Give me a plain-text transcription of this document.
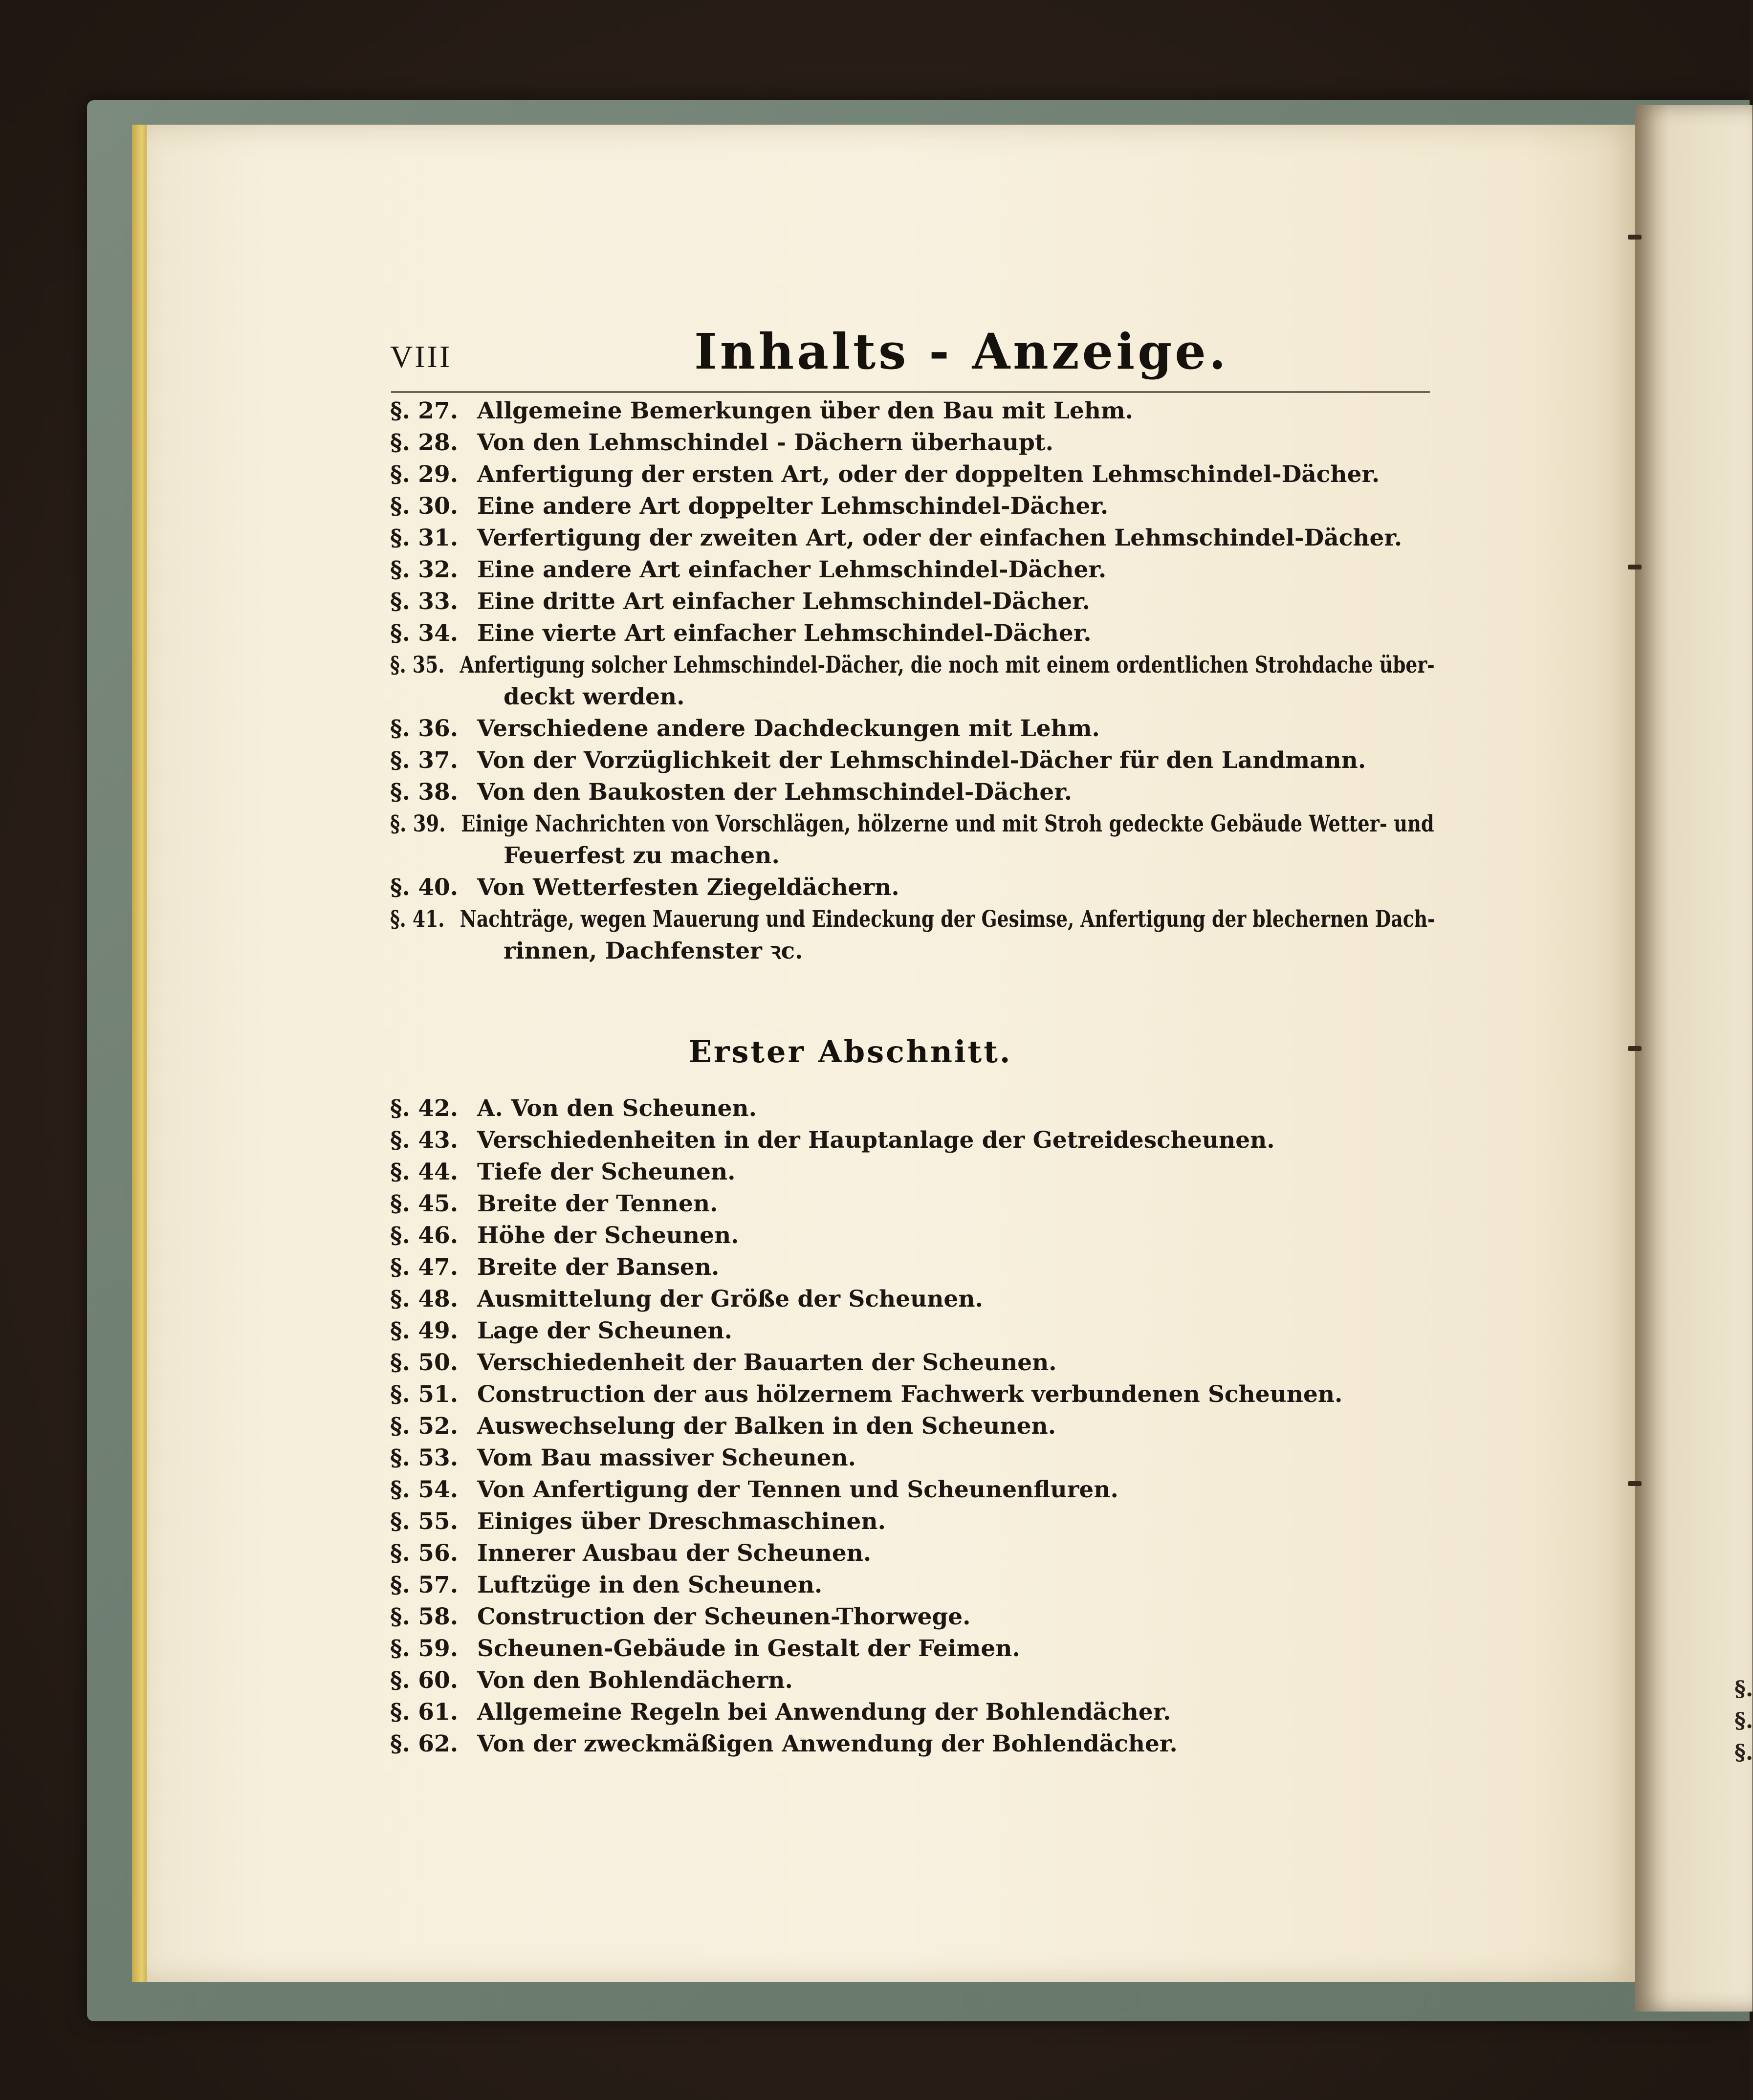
§.
§.
§.
VIII	Inhalts - Anzeige.
§. 27. Allgemeine Bemerkungen über den Bau mit Lehm.
§. 28. Von den Lehmschindel - Dächern überhaupt.
§. 29. Anfertigung der ersten Art, oder der doppelten Lehmschindel-Dächer.
§. 30. Eine andere Art doppelter Lehmschindel-Dächer.
§. 31. Verfertigung der zweiten Art, oder der einfachen Lehmschindel-Dächer.
§. 32. Eine andere Art einfacher Lehmschindel-Dächer.
§. 33. Eine dritte Art einfacher Lehmschindel-Dächer.
§. 34. Eine vierte Art einfacher Lehmschindel-Dächer.
§. 35. Anfertigung solcher Lehmschindel-Dächer, die noch mit einem ordentlichen Strohdache über-
deckt werden.
§. 36. Verschiedene andere Dachdeckungen mit Lehm.
§. 37. Von der Vorzüglichkeit der Lehmschindel-Dächer für den Landmann.
§. 38. Von den Baukosten der Lehmschindel-Dächer.
§. 39. Einige Nachrichten von Vorschlägen, hölzerne und mit Stroh gedeckte Gebäude Wetter- und
Feuerfest zu machen.
§. 40. Von Wetterfesten Ziegeldächern.
§. 41. Nachträge, wegen Mauerung und Eindeckung der Gesimse, Anfertigung der blechernen Dach-
rinnen, Dachfenster ꝛc.
Erster Abschnitt.
§. 42. A. Von den Scheunen.
§. 43. Verschiedenheiten in der Hauptanlage der Getreidescheunen.
§. 44. Tiefe der Scheunen.
§. 45. Breite der Tennen.
§. 46. Höhe der Scheunen.
§. 47. Breite der Bansen.
§. 48. Ausmittelung der Größe der Scheunen.
§. 49. Lage der Scheunen.
§. 50. Verschiedenheit der Bauarten der Scheunen.
§. 51. Construction der aus hölzernem Fachwerk verbundenen Scheunen.
§. 52. Auswechselung der Balken in den Scheunen.
§. 53. Vom Bau massiver Scheunen.
§. 54. Von Anfertigung der Tennen und Scheunenfluren.
§. 55. Einiges über Dreschmaschinen.
§. 56. Innerer Ausbau der Scheunen.
§. 57. Luftzüge in den Scheunen.
§. 58. Construction der Scheunen-Thorwege.
§. 59. Scheunen-Gebäude in Gestalt der Feimen.
§. 60. Von den Bohlendächern.
§. 61. Allgemeine Regeln bei Anwendung der Bohlendächer.
§. 62. Von der zweckmäßigen Anwendung der Bohlendächer.
